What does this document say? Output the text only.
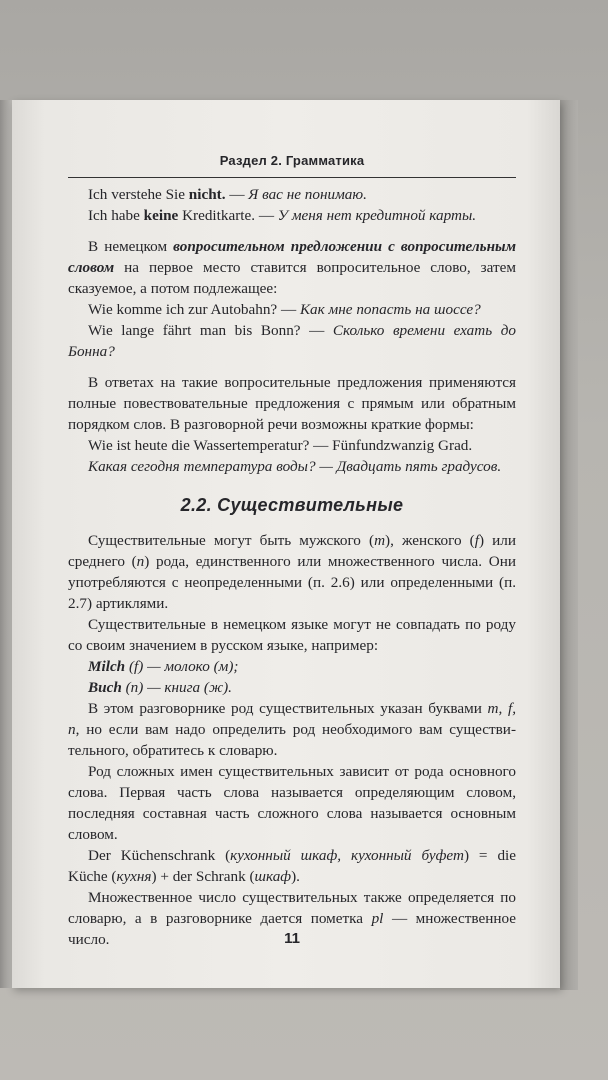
Раздел 2. Грамматика

Ich verstehe Sie nicht. — Я вас не понимаю.

Ich habe keine Kreditkarte. — У меня нет кредитной карты.

В немецком вопросительном предложении с вопросительным словом на первое место ставится вопросительное слово, затем сказуемое, а потом подлежащее:

Wie komme ich zur Autobahn? — Как мне попасть на шоссе?

Wie lange fährt man bis Bonn? — Сколько времени ехать до Бонна?

В ответах на такие вопросительные предложения применяются полные повествовательные предложения с прямым или обратным порядком слов. В разговорной речи возможны краткие формы:

Wie ist heute die Wassertemperatur? — Fünfundzwanzig Grad.

Какая сегодня температура воды? — Двадцать пять градусов.

2.2. Существительные

Существительные могут быть мужского (m), женского (f) или среднего (n) рода, единственного или множественного числа. Они употребляются с неопределенными (п. 2.6) или определенными (п. 2.7) артиклями.

Существительные в немецком языке могут не совпадать по роду со своим значением в русском языке, например:

Milch (f) — молоко (м);

Buch (n) — книга (ж).

В этом разговорнике род существительных указан буквами m, f, n, но если вам надо определить род необходимого вам существительного, обратитесь к словарю.

Род сложных имен существительных зависит от рода основного слова. Первая часть слова называется определяющим словом, последняя составная часть сложного слова называется основным словом.

Der Küchenschrank (кухонный шкаф, кухонный буфет) = die Küche (кухня) + der Schrank (шкаф).

Множественное число существительных также определяется по словарю, а в разговорнике дается пометка pl — множественное число.	11
